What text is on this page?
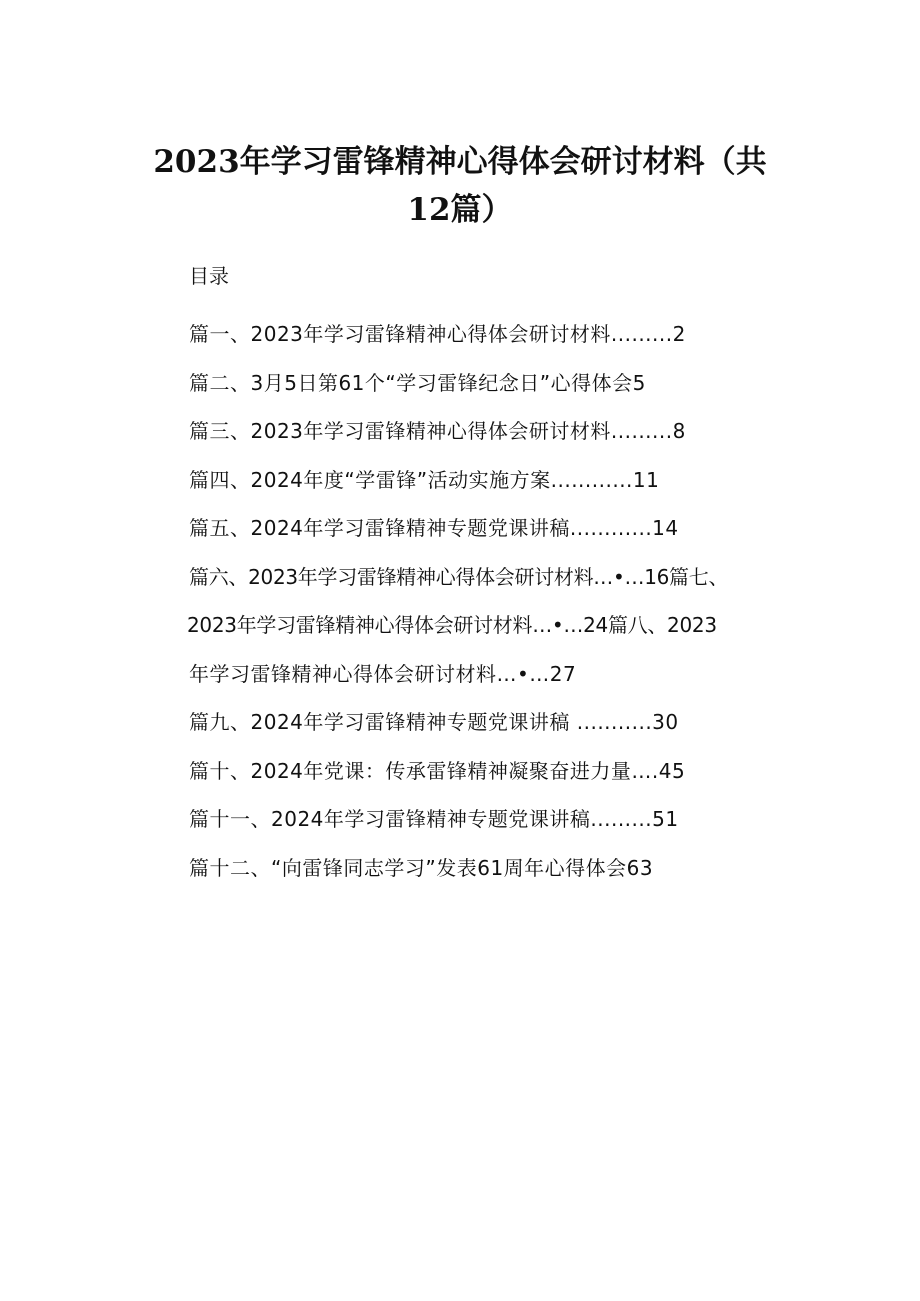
2023年学习雷锋精神心得体会研讨材料（共
12篇）
目录
篇一、2023年学习雷锋精神心得体会研讨材料.........2
篇二、3月5日第61个“学习雷锋纪念日”心得体会5
篇三、2023年学习雷锋精神心得体会研讨材料.........8
篇四、2024年度“学雷锋”活动实施方案............11
篇五、2024年学习雷锋精神专题党课讲稿............14
篇六、2023年学习雷锋精神心得体会研讨材料…•…16篇七、
2023年学习雷锋精神心得体会研讨材料…•…24篇八、2023
年学习雷锋精神心得体会研讨材料…•…27
篇九、2024年学习雷锋精神专题党课讲稿 ...........30
篇十、2024年党课：传承雷锋精神凝聚奋进力量….45
篇十一、2024年学习雷锋精神专题党课讲稿.........51
篇十二、“向雷锋同志学习”发表61周年心得体会63
